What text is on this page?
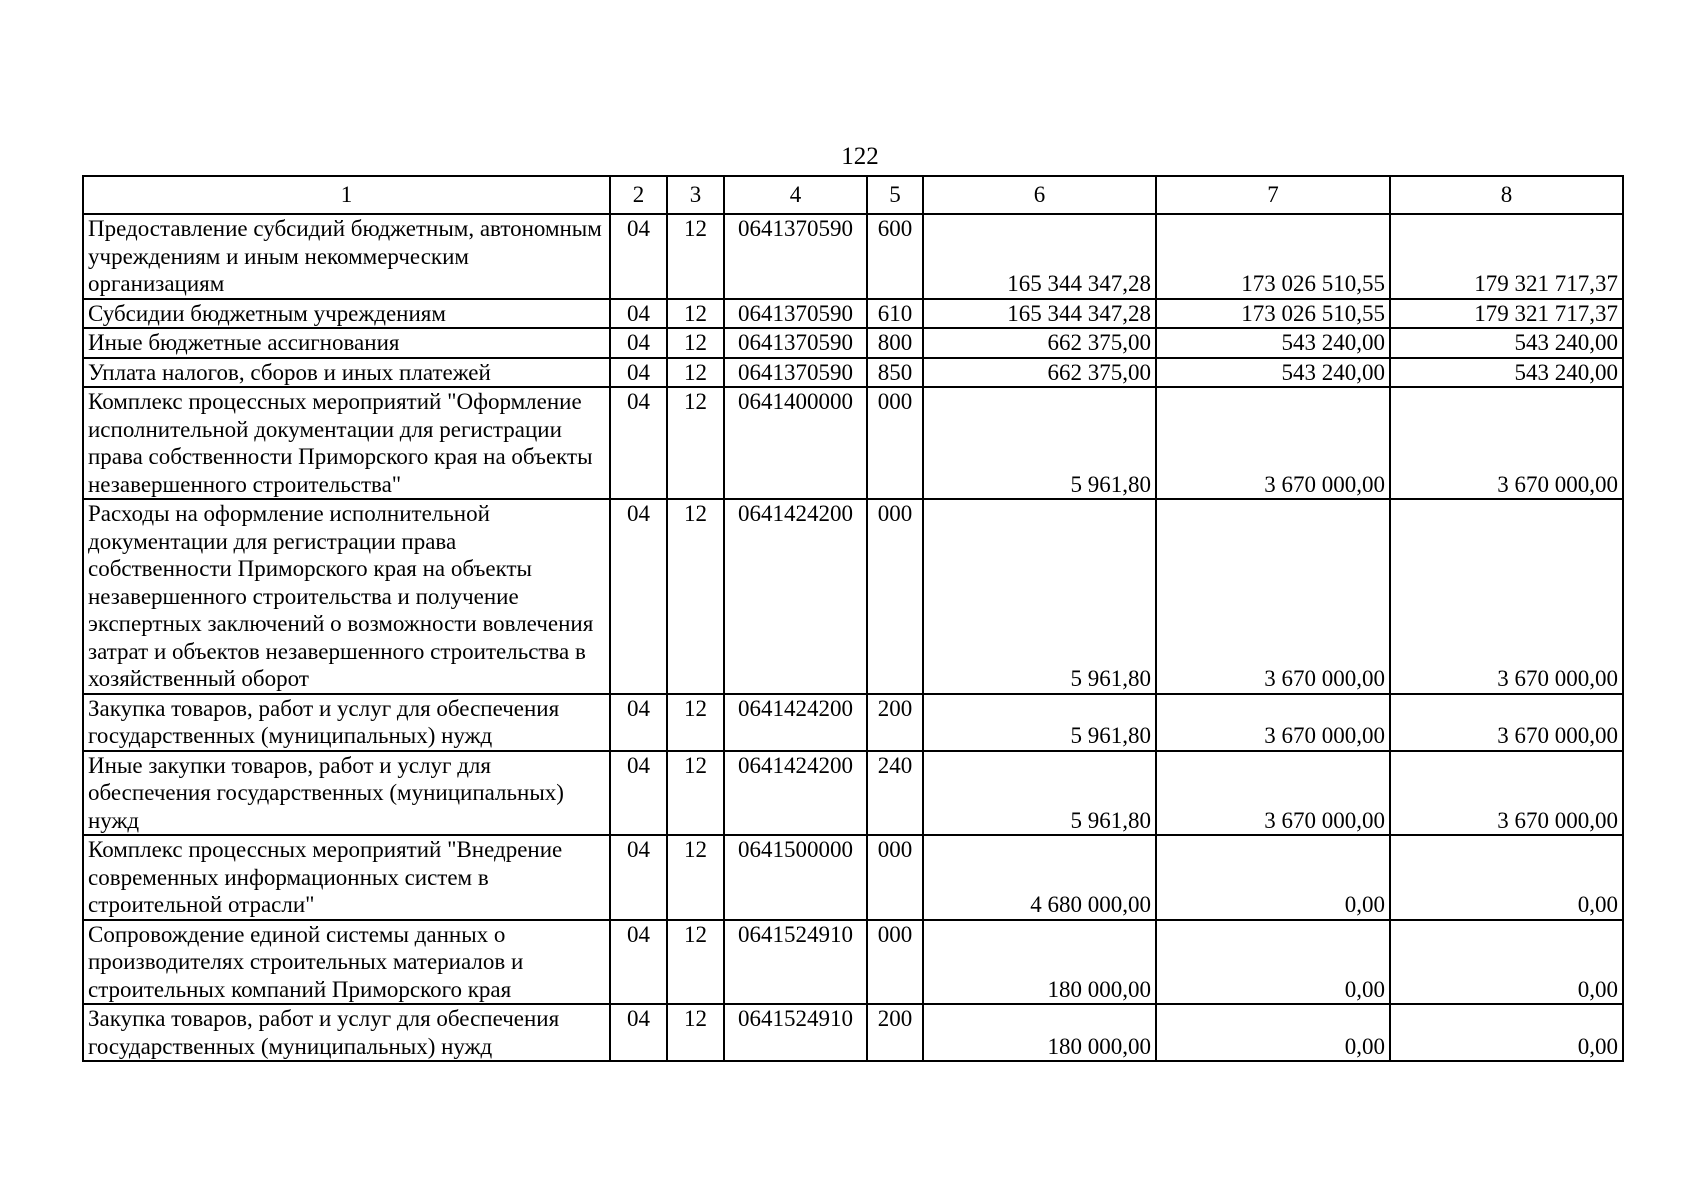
122
1	2	3	4	5	6	7	8
Предоставление субсидий бюджетным, автономным учреждениям и иным некоммерческим организациям	04	12	0641370590	600	165 344 347,28	173 026 510,55	179 321 717,37
Субсидии бюджетным учреждениям	04	12	0641370590	610	165 344 347,28	173 026 510,55	179 321 717,37
Иные бюджетные ассигнования	04	12	0641370590	800	662 375,00	543 240,00	543 240,00
Уплата налогов, сборов и иных платежей	04	12	0641370590	850	662 375,00	543 240,00	543 240,00
Комплекс процессных мероприятий "Оформление исполнительной документации для регистрации права собственности Приморского края на объекты незавершенного строительства"	04	12	0641400000	000	5 961,80	3 670 000,00	3 670 000,00
Расходы на оформление исполнительной документации для регистрации права собственности Приморского края на объекты незавершенного строительства и получение экспертных заключений о возможности вовлечения затрат и объектов незавершенного строительства в хозяйственный оборот	04	12	0641424200	000	5 961,80	3 670 000,00	3 670 000,00
Закупка товаров, работ и услуг для обеспечения государственных (муниципальных) нужд	04	12	0641424200	200	5 961,80	3 670 000,00	3 670 000,00
Иные закупки товаров, работ и услуг для обеспечения государственных (муниципальных) нужд	04	12	0641424200	240	5 961,80	3 670 000,00	3 670 000,00
Комплекс процессных мероприятий "Внедрение современных информационных систем в строительной отрасли"	04	12	0641500000	000	4 680 000,00	0,00	0,00
Сопровождение единой системы данных о производителях строительных материалов и строительных компаний Приморского края	04	12	0641524910	000	180 000,00	0,00	0,00
Закупка товаров, работ и услуг для обеспечения государственных (муниципальных) нужд	04	12	0641524910	200	180 000,00	0,00	0,00
